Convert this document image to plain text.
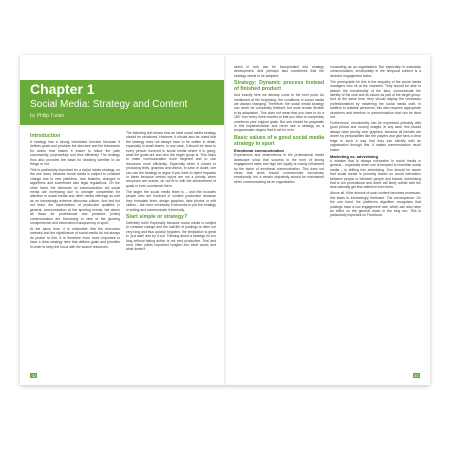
Chapter 1
Social Media: Strategy and Content
by Philip Turian
Introduction

A strategy has a strong orientation function because it defines goals and provides the structure and the framework for action that makes it easier to follow the path successfully, purposefully and thus efficiently. The strategy thus also provides the basis for deciding whether to do things or not.

This is particularly important for a social media strategy: on the one hand, because social media is subject to constant change due to new platforms, new features, changes in algorithms and sometimes also legal regulations. On the other hand, the demands on communication via social media are increasing due to stronger competition for attention in social media and other media offerings as well as an increasingly extreme discourse culture. And last but not least, the expectations of production qualities in general, communication at live sporting events, but above all those for professional and proactive (crisis) communication are increasing in view of the growing omnipresence and information transparency in sport.

At the same time, it is noticeable that the resources invested and the significance of social media do not always do justice to this. It is therefore even more important to have a clear strategy here that defines goals and priorities in order to keep the focus with the scarce resources.

The following text shows how an ideal social media strategy should be structured. However, it should also be noted that the strategy does not always have to be written in detail, especially in small teams. In any case, it should be clear to every person involved in social media where it is going, what the goals are and who the target group is. This helps to make communication more targeted and to use resources more efficiently. Especially when it comes to producing texts, graphics and videos. In case of doubt, one can use the strategy to argue if you have to reject requests or ideas because certain topics are not a priority, when resources are scarce, do not fit in with the achievement of goals or even counteract them.

The larger the social media team is – and this includes people who are involved in content production because they formulate texts, design graphics, take photos or edit videos – the more necessary it becomes to put the strategy in writing and communicate it internally.

Start simple or strategy?

Definitely both! Especially because social media is subject to constant change and the half-life of postings is often not very long and thus quickly forgotten, the temptation is great to 'just start' and try it out. Thinking about a strategy for too long without taking action is not very productive. Trial and error often yields important insights into what works and what doesn't.

which in turn can be incorporated into strategy development. And perhaps also sometimes that the strategy needs to be adapted.

Strategy: Dynamic process instead of finished product

And exactly here we already come to the next point: As mentioned at the beginning, the conditions in social media are always changing. Therefore, the social media strategy can never be completely finished, but must remain flexible in its adaptation. This does not mean that you have to do a 180° turn every three months or that you have to completely overthrow your original goals. But one should be pragmatic in this implementation and never see a strategy as a programmatic dogma that is set for ever.

Basic values of a good social media strategy in sport
Emotional communication

Experiences and observations in the professional media landscape show that success in the form of strong engagement rates and high fan loyalty is mainly influenced by the factor of emotional communication. This does not mean that clubs should communicate exclusively emotionally, but a certain objectivity should be maintained when communicating as an organisation.

municating as an organisation. But especially in matchday communication, emotionality in the temporal context is a decisive engagement factor.

The prerequisite for this is the empathy of the social media managers who sit at the channels. They should be able to absorb the emotionality of the fans, communicate the identity of the club and its values as part of the target group. And at the same time, they should display the necessary professionalism by mastering the social media craft. In addition to suitable personnel, this also requires appropriate structures and freedom in communication that can be lived out.

Furthermore, emotionality can be expressed primarily with good photos and moving images. In any case, this should always have priority over graphics, because all formats are driven by personalities like the players and give fans a clear edge in such a way that they can identify with an organisation through this. It makes communication much easier.

Marketing vs. advertising

A mistake that is always noticeable in social media in general – especially when one is tempted to monetise social media – is drifting into advertising. One should be aware that social media is primarily based on social interaction between people or between people and brands. Advertising that is too promotional and direct will likely collide with the fans naturally get less attention from them.

Above all, if the amount of such content becomes excessive, this leads to increasingly irrelevant. The consequence: On the one hand, the platform's algorithm recognises that postings have a low engagement rate, which can also have an effect on the general reach in the long run. This is particularly important on Facebook.

32	33
